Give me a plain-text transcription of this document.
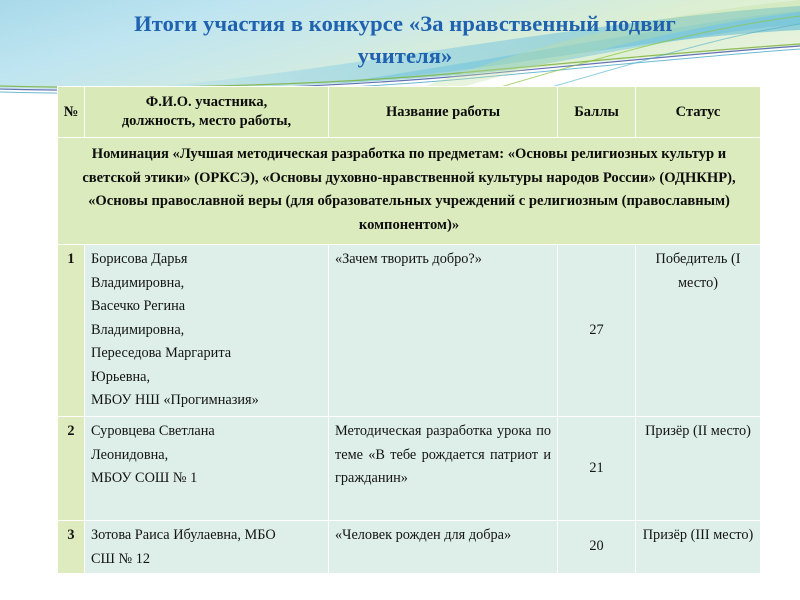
Итоги участия в конкурсе «За нравственный подвиг
учителя»
№	Ф.И.О. участника,
должность, место работы,	Название работы	Баллы	Статус
Номинация «Лучшая методическая разработка по предметам: «Основы религиозных культур и светской этики» (ОРКСЭ), «Основы духовно-нравственной культуры народов России» (ОДНКНР), «Основы православной веры (для образовательных учреждений с религиозным (православным) компонентом)»				
1	Борисова Дарья
Владимировна,
Васечко Регина
Владимировна,
Переседова Маргарита
Юрьевна,
МБОУ НШ «Прогимназия»
	«Зачем творить добро?»	27	Победитель (I место)
2	Суровцева Светлана
Леонидовна,
МБОУ СОШ № 1	Методическая разработка урока по теме «В тебе рождается патриот и гражданин»	21	Призёр (II место)
3	Зотова Раиса Ибулаевна, МБО
СШ № 12	«Человек рожден для добра»	20	Призёр (III место)
